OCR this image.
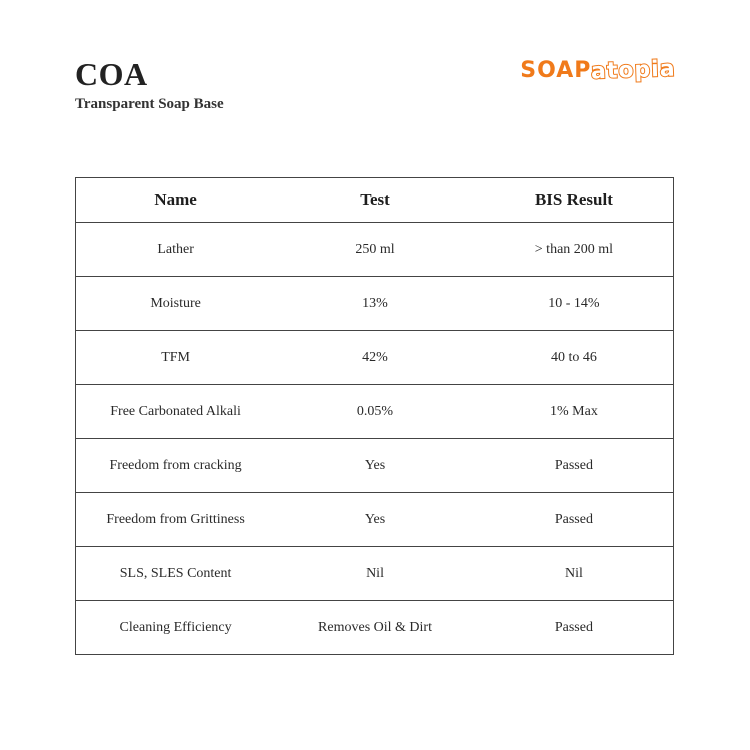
COA
Transparent Soap Base
SOAP atopia
Name	Test	BIS Result
Lather	250 ml	> than 200 ml
Moisture	13%	10 - 14%
TFM	42%	40 to 46
Free Carbonated Alkali	0.05%	1% Max
Freedom from cracking	Yes	Passed
Freedom from Grittiness	Yes	Passed
SLS, SLES Content	Nil	Nil
Cleaning Efficiency	Removes Oil & Dirt	Passed
